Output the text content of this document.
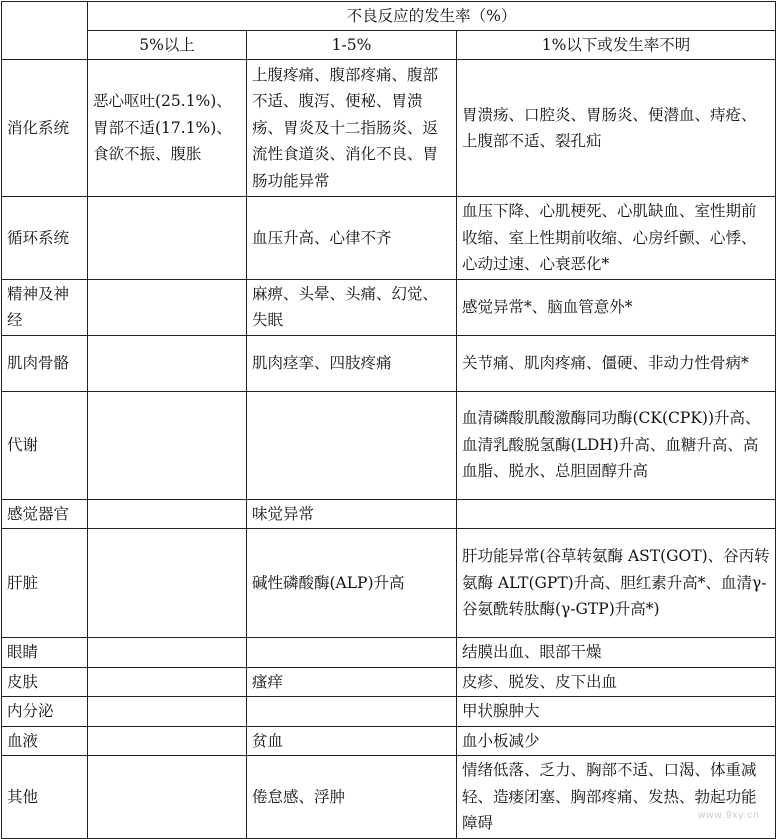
	不良反应的发生率（%）		
	5%以上	1-5%	1%以下或发生率不明
消化系统	恶心呕吐(25.1%)、胃部不适(17.1%)、食欲不振、腹胀	上腹疼痛、腹部疼痛、腹部不适、腹泻、便秘、胃溃疡、胃炎及十二指肠炎、返流性食道炎、消化不良、胃肠功能异常	胃溃疡、口腔炎、胃肠炎、便潜血、痔疮、上腹部不适、裂孔疝
循环系统		血压升高、心律不齐	血压下降、心肌梗死、心肌缺血、室性期前收缩、室上性期前收缩、心房纤颤、心悸、心动过速、心衰恶化*
精神及神经		麻痹、头晕、头痛、幻觉、失眠	感觉异常*、脑血管意外*
肌肉骨骼		肌肉痉挛、四肢疼痛	关节痛、肌肉疼痛、僵硬、非动力性骨病*
代谢			血清磷酸肌酸激酶同功酶(CK(CPK))升高、血清乳酸脱氢酶(LDH)升高、血糖升高、高血脂、脱水、总胆固醇升高
感觉器官		味觉异常	
肝脏		碱性磷酸酶(ALP)升高	肝功能异常(谷草转氨酶 AST(GOT)、谷丙转氨酶 ALT(GPT)升高、胆红素升高*、血清γ-谷氨酰转肽酶(γ-GTP)升高*)
眼睛			结膜出血、眼部干燥
皮肤		瘙痒	皮疹、脱发、皮下出血
内分泌			甲状腺肿大
血液		贫血	血小板减少
其他		倦怠感、浮肿	情绪低落、乏力、胸部不适、口渴、体重减轻、造瘘闭塞、胸部疼痛、发热、勃起功能障碍	www.9xy.cn
